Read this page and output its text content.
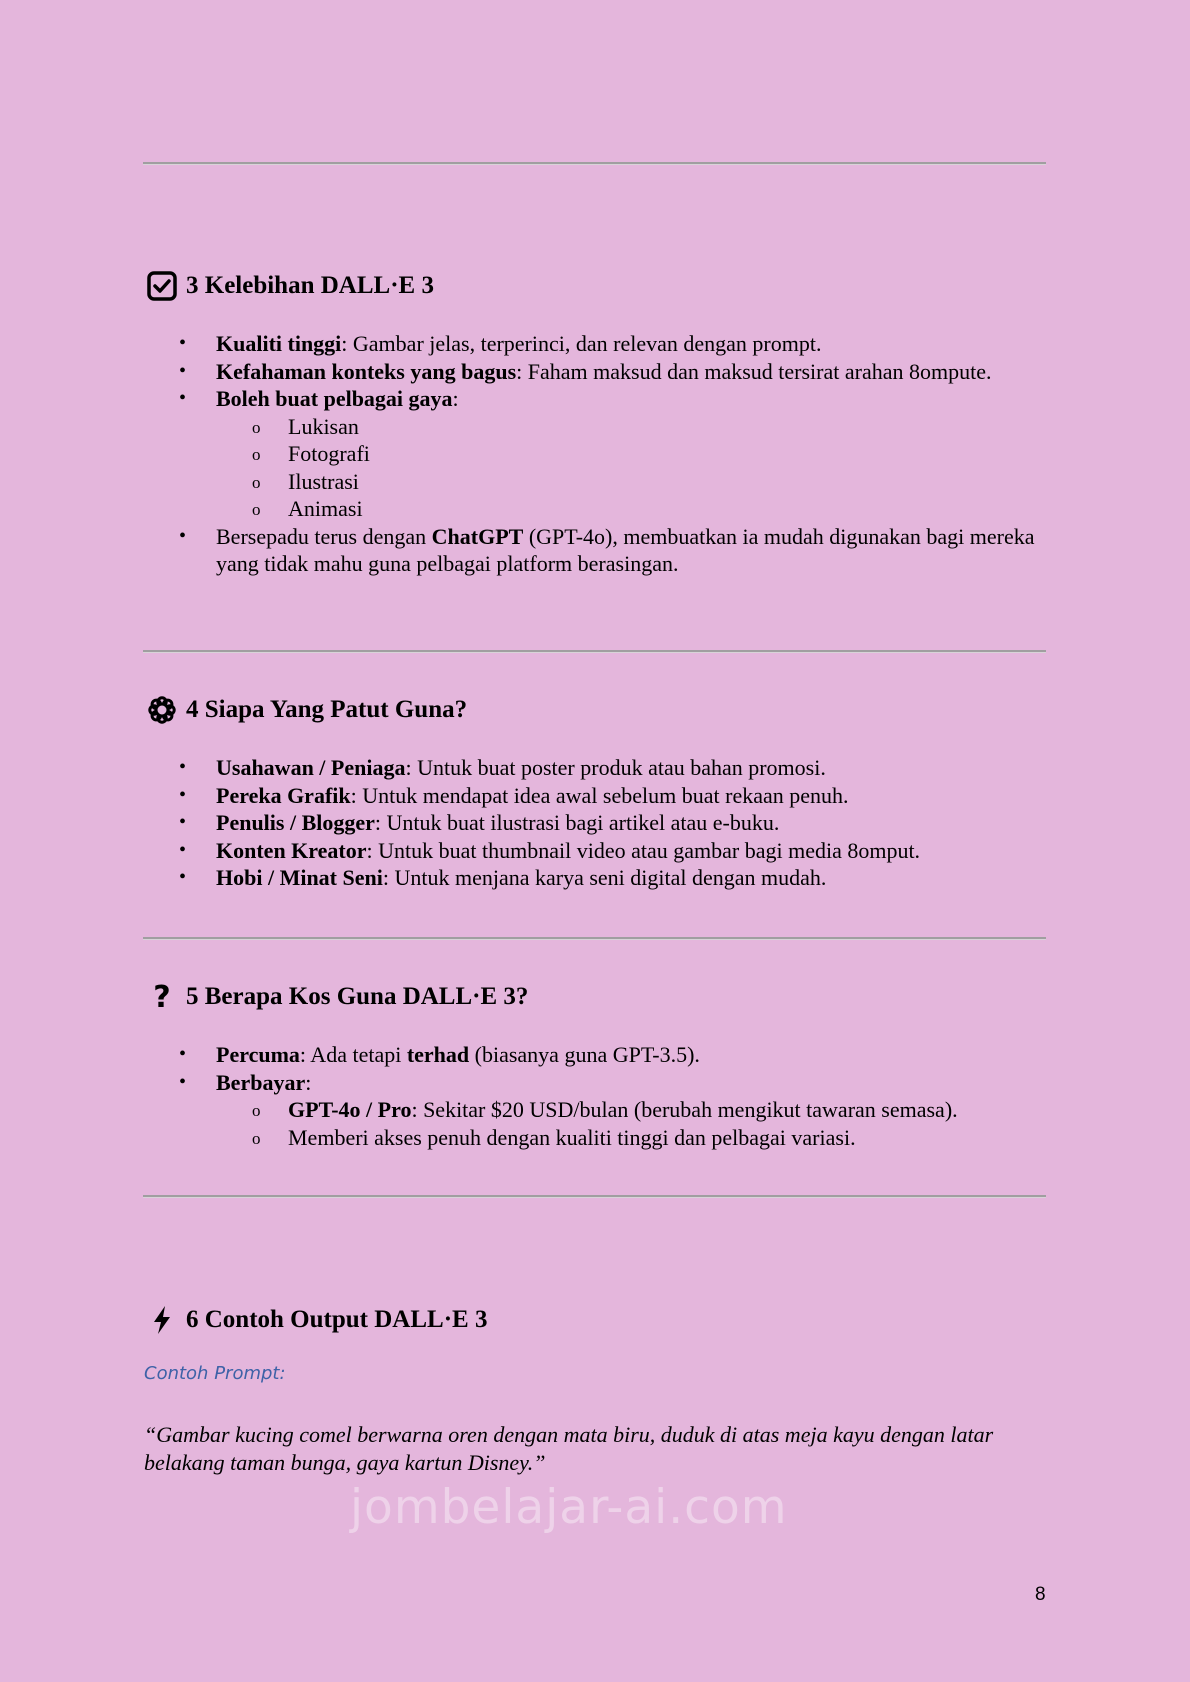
3 Kelebihan DALL·E 3
• Kualiti tinggi: Gambar jelas, terperinci, dan relevan dengan prompt.
• Kefahaman konteks yang bagus: Faham maksud dan maksud tersirat arahan 8ompute.
• Boleh buat pelbagai gaya:
o Lukisan
o Fotografi
o Ilustrasi
o Animasi
• Bersepadu terus dengan ChatGPT (GPT-4o), membuatkan ia mudah digunakan bagi mereka yang tidak mahu guna pelbagai platform berasingan.
4 Siapa Yang Patut Guna?
• Usahawan / Peniaga: Untuk buat poster produk atau bahan promosi.
• Pereka Grafik: Untuk mendapat idea awal sebelum buat rekaan penuh.
• Penulis / Blogger: Untuk buat ilustrasi bagi artikel atau e-buku.
• Konten Kreator: Untuk buat thumbnail video atau gambar bagi media 8omput.
• Hobi / Minat Seni: Untuk menjana karya seni digital dengan mudah.
? 5 Berapa Kos Guna DALL·E 3?
• Percuma: Ada tetapi terhad (biasanya guna GPT-3.5).
• Berbayar:
o GPT-4o / Pro: Sekitar $20 USD/bulan (berubah mengikut tawaran semasa).
o Memberi akses penuh dengan kualiti tinggi dan pelbagai variasi.
6 Contoh Output DALL·E 3
Contoh Prompt:
“Gambar kucing comel berwarna oren dengan mata biru, duduk di atas meja kayu dengan latar belakang taman bunga, gaya kartun Disney.”
jombelajar-ai.com
8
